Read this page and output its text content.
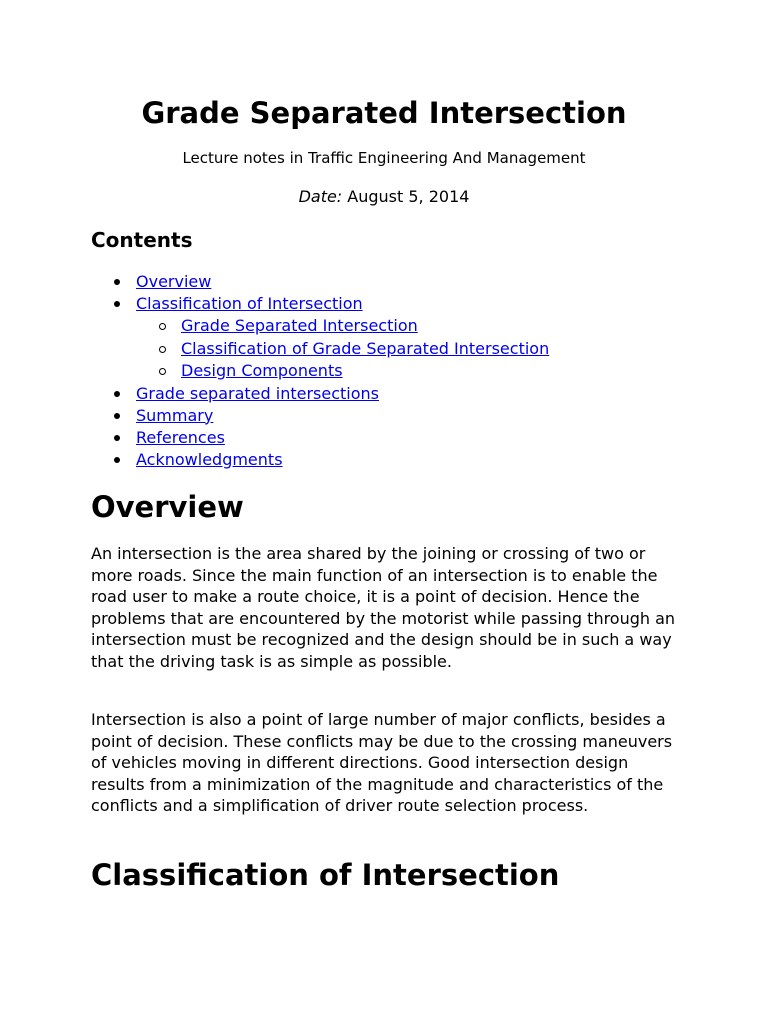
Grade Separated Intersection

Lecture notes in Traffic Engineering And Management

Date: August 5, 2014

Contents
Overview
Classification of Intersection
Grade Separated Intersection
Classification of Grade Separated Intersection
Design Components
Grade separated intersections
Summary
References
Acknowledgments
Overview

An intersection is the area shared by the joining or crossing of two or more roads. Since the main function of an intersection is to enable the road user to make a route choice, it is a point of decision. Hence the problems that are encountered by the motorist while passing through an intersection must be recognized and the design should be in such a way that the driving task is as simple as possible.

Intersection is also a point of large number of major conflicts, besides a point of decision. These conflicts may be due to the crossing maneuvers of vehicles moving in different directions. Good intersection design results from a minimization of the magnitude and characteristics of the conflicts and a simplification of driver route selection process.

Classification of Intersection
